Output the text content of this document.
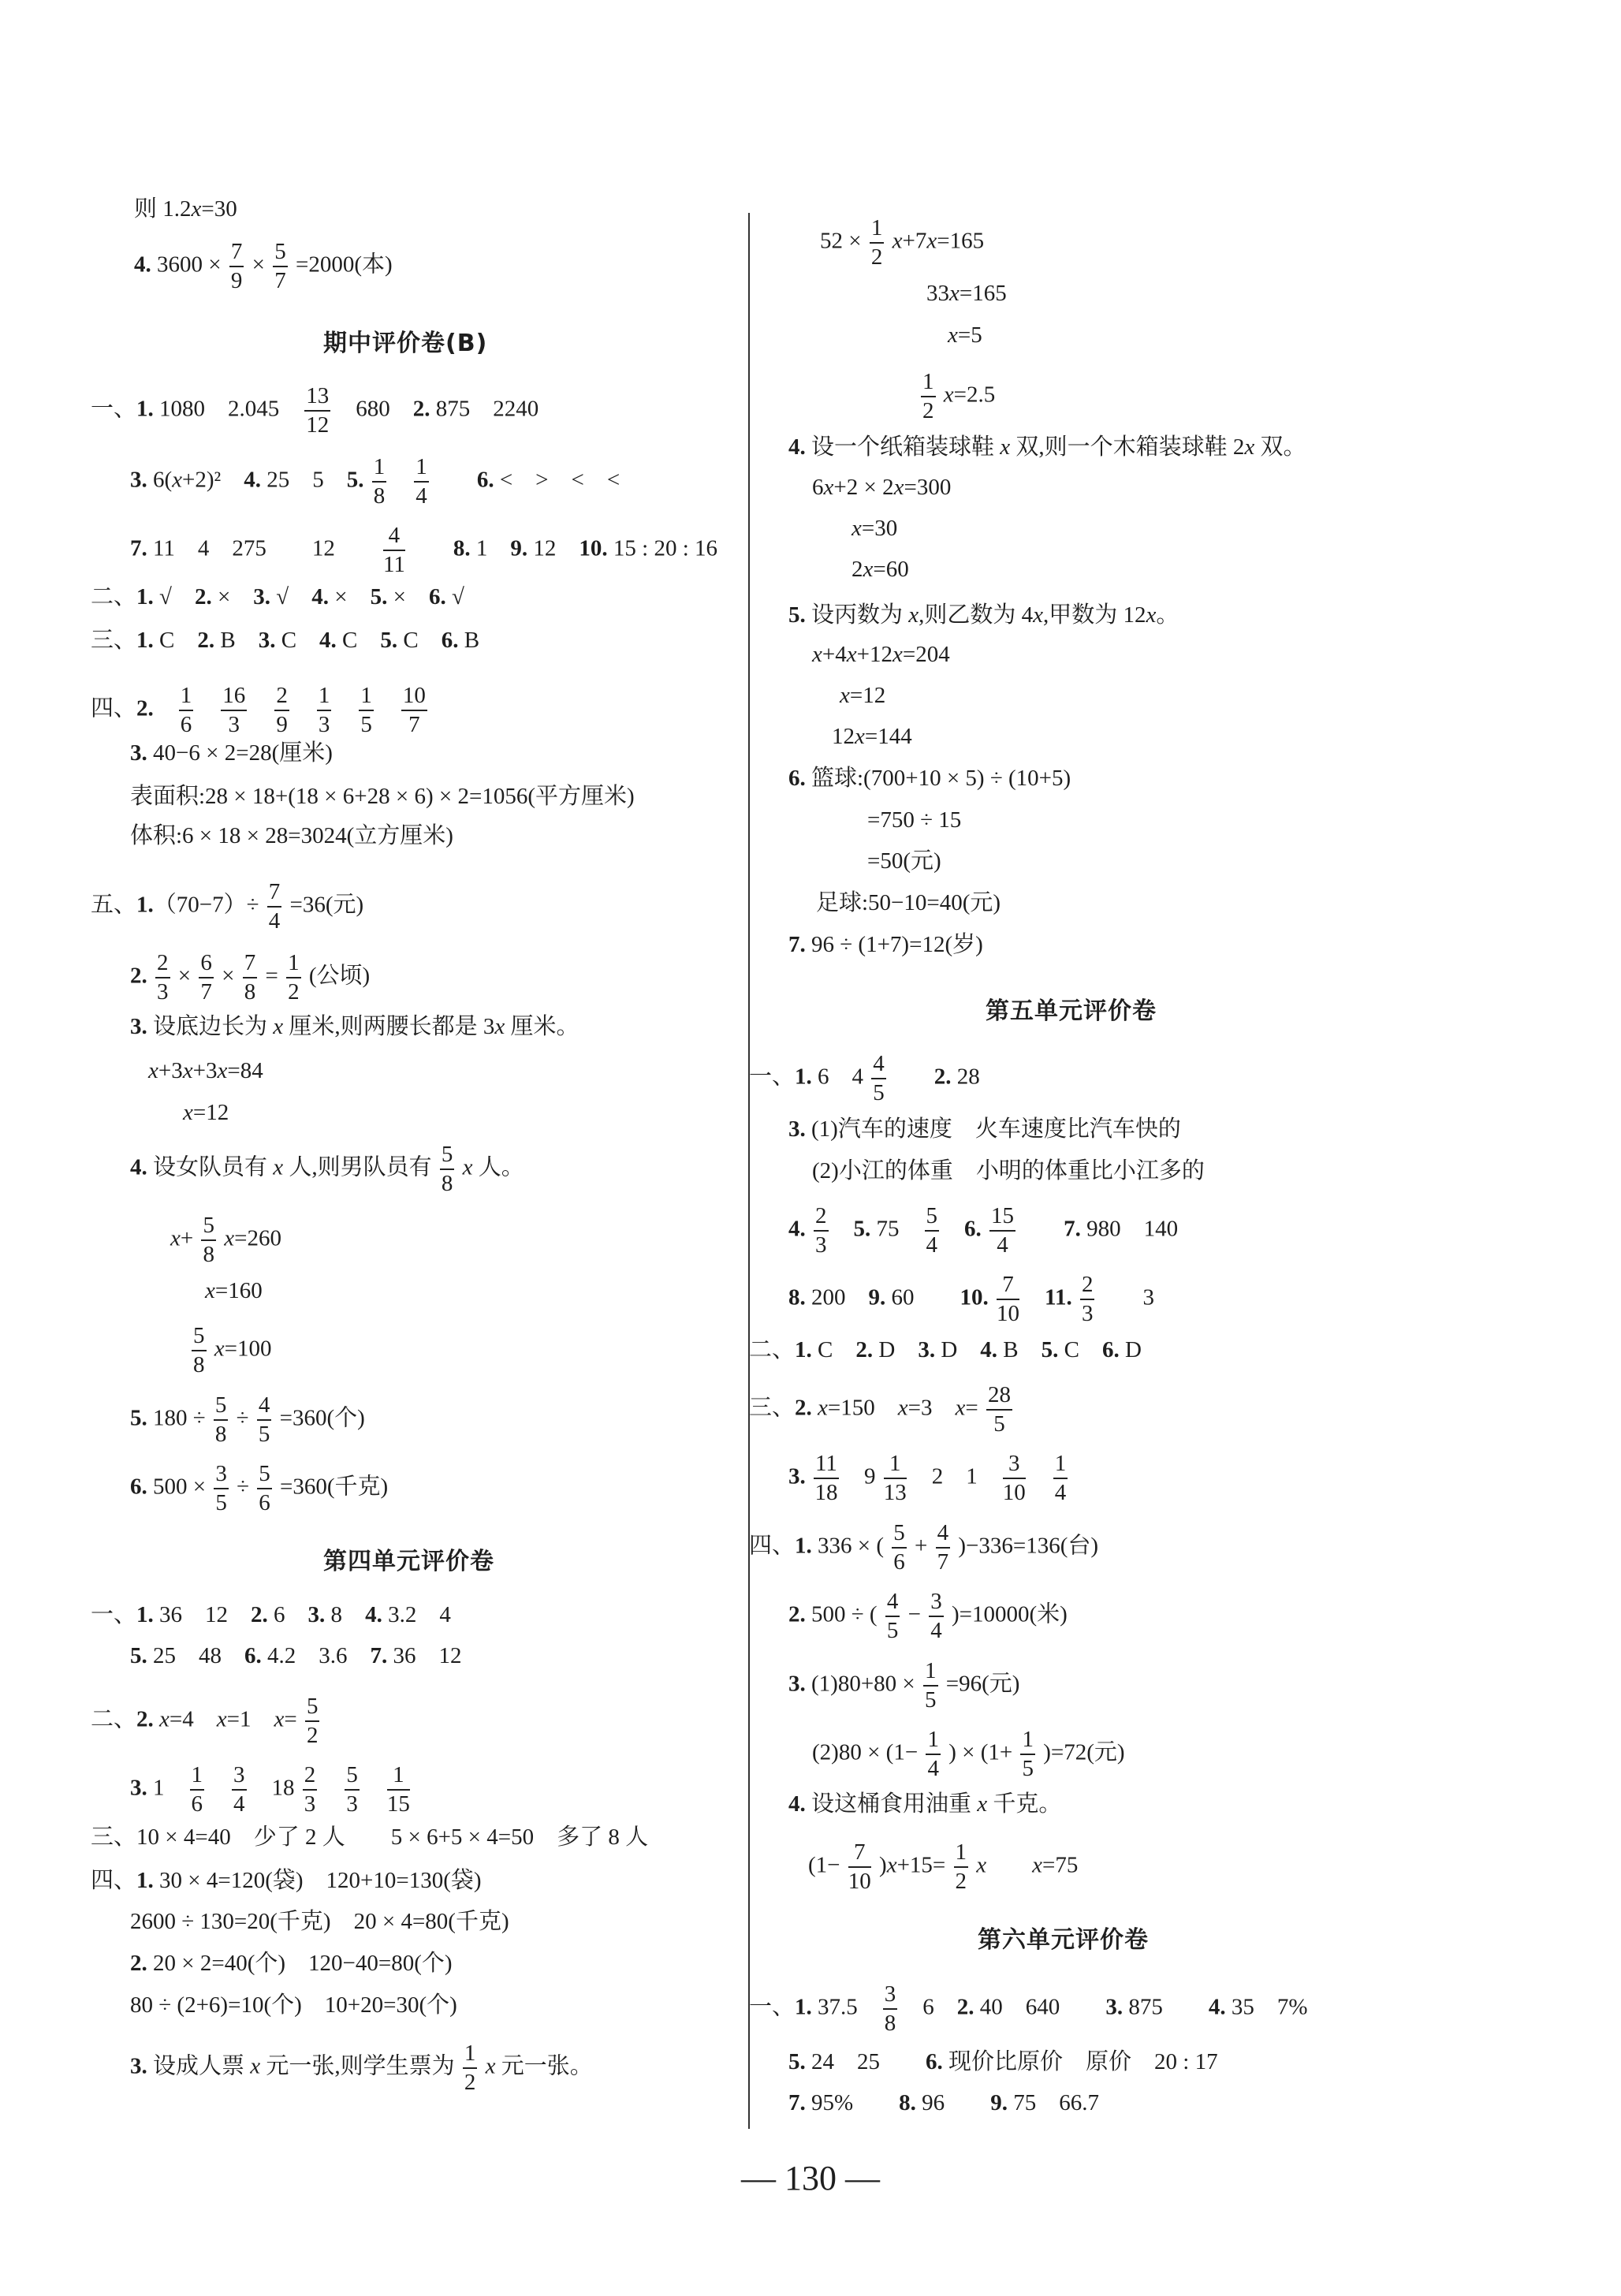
则 1.2x=30
4. $3600 \times \frac{7}{9} \times \frac{5}{7} =2000$(本)
期中评价卷(B)
一、1. 1080　2.045　 $\frac{13}{12}$ 　680　2. 875　2240
3. 6(x+2)²　4. 25　5　5. $\frac{1}{8}$
　 $\frac{1}{4}$
　　 6. <　>　<　<
7. 11　4　275　　12　　 $\frac{4}{11}$
　　 8. 1　9. 12　10. 15 : 20 : 16
二、1. √　2. ×　3. √　4. ×　5. ×　6. √
三、1. C　2. B　3. C　4. C　5. C　6. B
四、2.　 $\frac{1}{6}$
　 $\frac{16}{3}$
　 $\frac{2}{9}$
　 $\frac{1}{3}$
　 $\frac{1}{5}$
　 $\frac{10}{7}$
3. 40−6 × 2=28(厘米)
表面积:28 × 18+(18 × 6+28 × 6) × 2=1056(平方厘米)
体积:6 × 18 × 28=3024(立方厘米)
五、$1.(70-7)\div \frac{7}{4} =36$(元)
2. $\frac{2}{3} \times \frac{6}{7} \times \frac{7}{8} = \frac{1}{2}$ (公顷)
3. 设底边长为 x 厘米,则两腰长都是 3x 厘米。
x+3x+3x=84
x=12
4. 设女队员有 x 人,则男队员有 $\frac{5}{8}$ x 人。
$x+ \frac{5}{8} x=260$
x=160
$\frac{5}{8} x=100$
5. $180 \div \frac{5}{8} \div \frac{4}{5} =360$(个)
6. $500 \times \frac{3}{5} \div \frac{5}{6} =360$(千克)
第四单元评价卷
一、1. 36　12　2. 6　3. 8　4. 3.2　4
5. 25　48　6. 4.2　3.6　7. 36　12
二、2. x=4　x=1　$x= \frac{5}{2}$
3. 1　 $\frac{1}{6}$
　 $\frac{3}{4}$ 　$18 \frac{2}{3}$
　 $\frac{5}{3}$
　 $\frac{1}{15}$
三、10 × 4=40　少了 2 人　　5 × 6+5 × 4=50　多了 8 人
四、1. 30 × 4=120(袋)　120+10=130(袋)
2600 ÷ 130=20(千克)　20 × 4=80(千克)
2. 20 × 2=40(个)　120−40=80(个)
80 ÷ (2+6)=10(个)　10+20=30(个)
3. 设成人票 x 元一张,则学生票为 $\frac{1}{2}$ x 元一张。
$52 \times \frac{1}{2} x+7x=165$
33x=165
x=5
$\frac{1}{2} x=2.5$
4. 设一个纸箱装球鞋 x 双,则一个木箱装球鞋 2x 双。
6x+2 × 2x=300
x=30
2x=60
5. 设丙数为 x,则乙数为 4x,甲数为 12x。
x+4x+12x=204
x=12
12x=144
6. 篮球:(700+10 × 5) ÷ (10+5)
=750 ÷ 15
=50(元)
足球:50−10=40(元)
7. 96 ÷ (1+7)=12(岁)
第五单元评价卷
一、1. 6　$4 \frac{4}{5}$
　　 2. 28
3. (1)汽车的速度　火车速度比汽车快的
(2)小江的体重　小明的体重比小江多的
4. $\frac{2}{3}$
　 5. 75　 $\frac{5}{4}$
　 6. $\frac{15}{4}$
　　 7. 980　140
8. 200　9. 60　　10. $\frac{7}{10}$
　 11. $\frac{2}{3}$ 　　3
二、1. C　2. D　3. D　4. B　5. C　6. D
三、2. x=150　x=3　$x= \frac{28}{5}$
3. $\frac{11}{18}$ 　$9 \frac{1}{13}$ 　2　1　 $\frac{3}{10}$
　 $\frac{1}{4}$
四、1. 336 × ( $\frac{5}{6} + \frac{4}{7} )-336=136$(台)
2. 500 ÷ ( $\frac{4}{5} - \frac{3}{4} )=10000$(米)
3. $(1)80+80 \times \frac{1}{5} =96$(元)
$(2)80 \times (1- \frac{1}{4}$ ) × $(1+ \frac{1}{5} )=72$(元)
4. 设这桶食用油重 x 千克。
$(1- \frac{7}{10} )x+15= \frac{1}{2}$ x　　 x=75
第六单元评价卷
一、1. 37.5　 $\frac{3}{8}$ 　6　2. 40　640　　3. 875　　4. 35　7%
5. 24　25　　6. 现价比原价　原价　20 : 17
7. 95%　　8. 96　　9. 75　66.7
— 130 —
